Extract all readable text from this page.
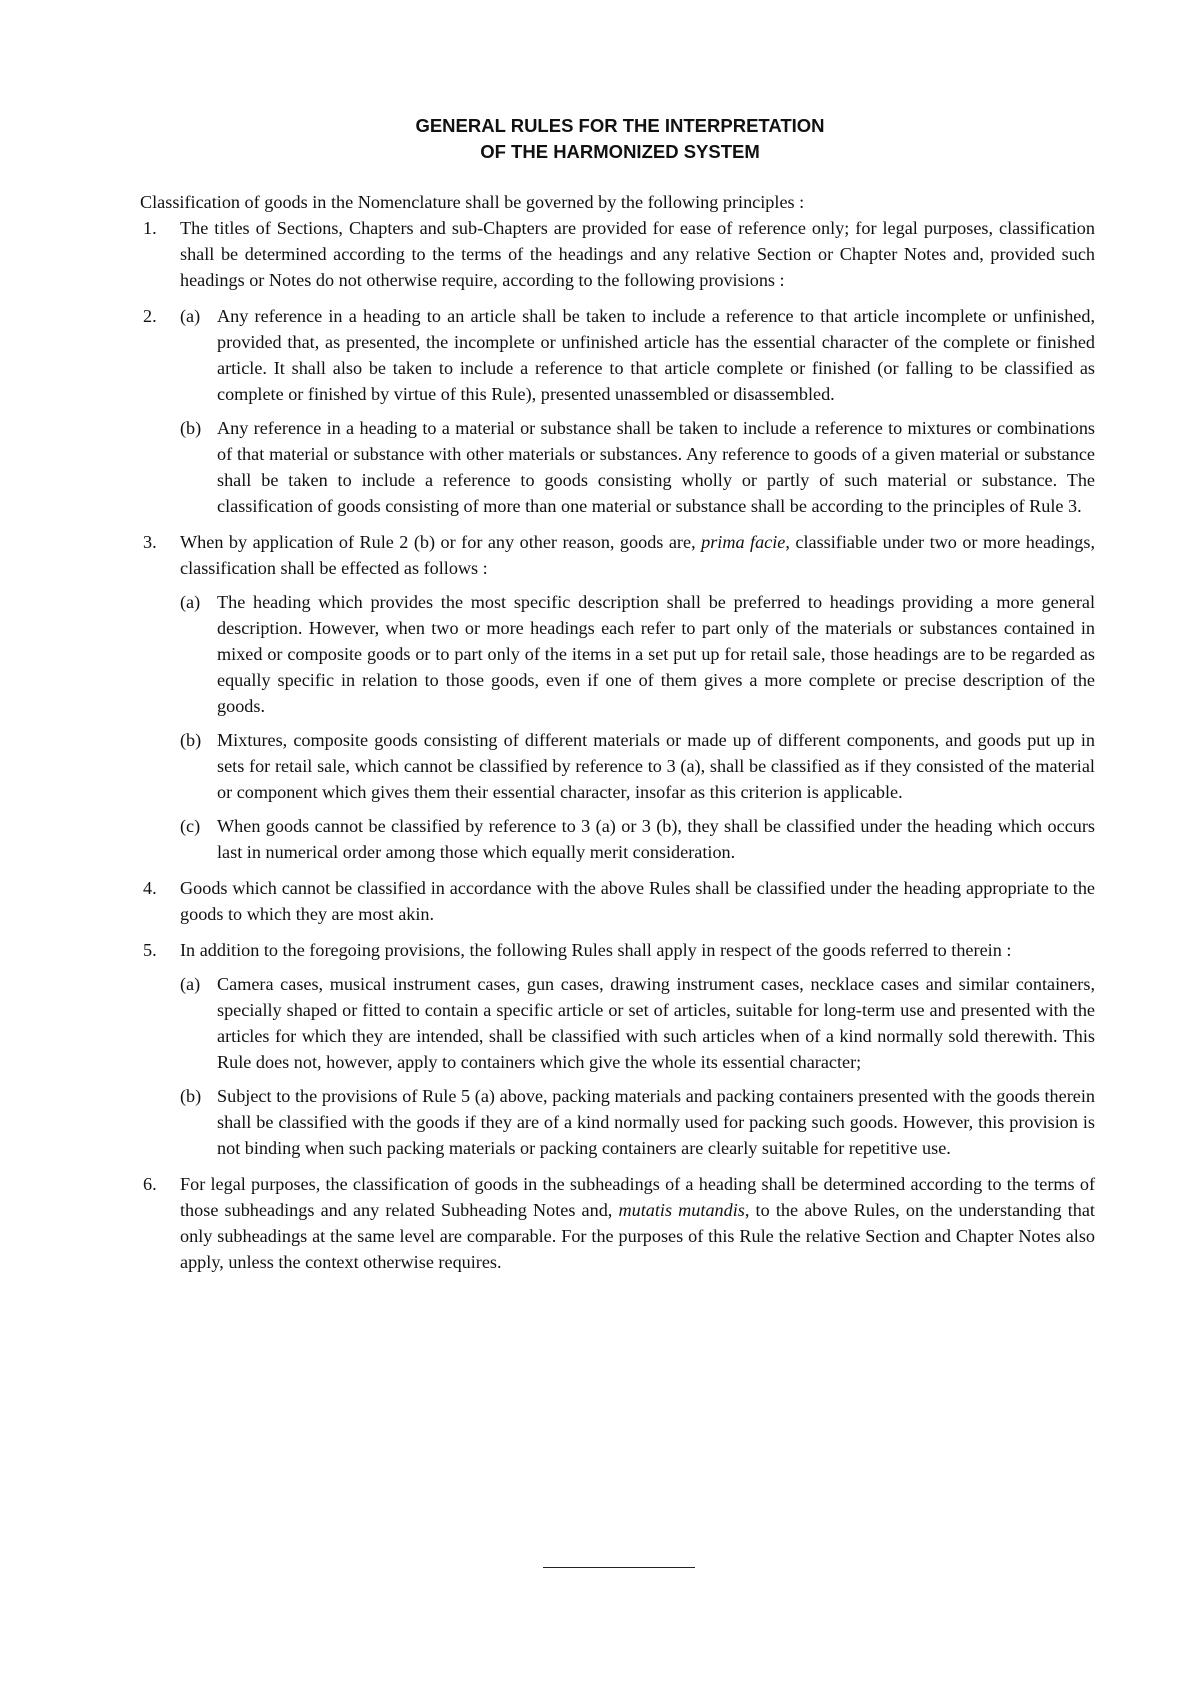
GENERAL RULES FOR THE INTERPRETATION
OF THE HARMONIZED SYSTEM

Classification of goods in the Nomenclature shall be governed by the following principles :

1. The titles of Sections, Chapters and sub-Chapters are provided for ease of reference only; for legal purposes, classification shall be determined according to the terms of the headings and any relative Section or Chapter Notes and, provided such headings or Notes do not otherwise require, according to the following provisions :

2. (a) Any reference in a heading to an article shall be taken to include a reference to that article incomplete or unfinished, provided that, as presented, the incomplete or unfinished article has the essential character of the complete or finished article. It shall also be taken to include a reference to that article complete or finished (or falling to be classified as complete or finished by virtue of this Rule), presented unassembled or disassembled.

(b) Any reference in a heading to a material or substance shall be taken to include a reference to mixtures or combinations of that material or substance with other materials or substances. Any reference to goods of a given material or substance shall be taken to include a reference to goods consisting wholly or partly of such material or substance. The classification of goods consisting of more than one material or substance shall be according to the principles of Rule 3.

3. When by application of Rule 2 (b) or for any other reason, goods are, prima facie, classifiable under two or more headings, classification shall be effected as follows :

(a) The heading which provides the most specific description shall be preferred to headings providing a more general description. However, when two or more headings each refer to part only of the materials or substances contained in mixed or composite goods or to part only of the items in a set put up for retail sale, those headings are to be regarded as equally specific in relation to those goods, even if one of them gives a more complete or precise description of the goods.

(b) Mixtures, composite goods consisting of different materials or made up of different components, and goods put up in sets for retail sale, which cannot be classified by reference to 3 (a), shall be classified as if they consisted of the material or component which gives them their essential character, insofar as this criterion is applicable.

(c) When goods cannot be classified by reference to 3 (a) or 3 (b), they shall be classified under the heading which occurs last in numerical order among those which equally merit consideration.

4. Goods which cannot be classified in accordance with the above Rules shall be classified under the heading appropriate to the goods to which they are most akin.

5. In addition to the foregoing provisions, the following Rules shall apply in respect of the goods referred to therein :

(a) Camera cases, musical instrument cases, gun cases, drawing instrument cases, necklace cases and similar containers, specially shaped or fitted to contain a specific article or set of articles, suitable for long-term use and presented with the articles for which they are intended, shall be classified with such articles when of a kind normally sold therewith. This Rule does not, however, apply to containers which give the whole its essential character;

(b) Subject to the provisions of Rule 5 (a) above, packing materials and packing containers presented with the goods therein shall be classified with the goods if they are of a kind normally used for packing such goods. However, this provision is not binding when such packing materials or packing containers are clearly suitable for repetitive use.

6. For legal purposes, the classification of goods in the subheadings of a heading shall be determined according to the terms of those subheadings and any related Subheading Notes and, mutatis mutandis, to the above Rules, on the understanding that only subheadings at the same level are comparable. For the purposes of this Rule the relative Section and Chapter Notes also apply, unless the context otherwise requires.
